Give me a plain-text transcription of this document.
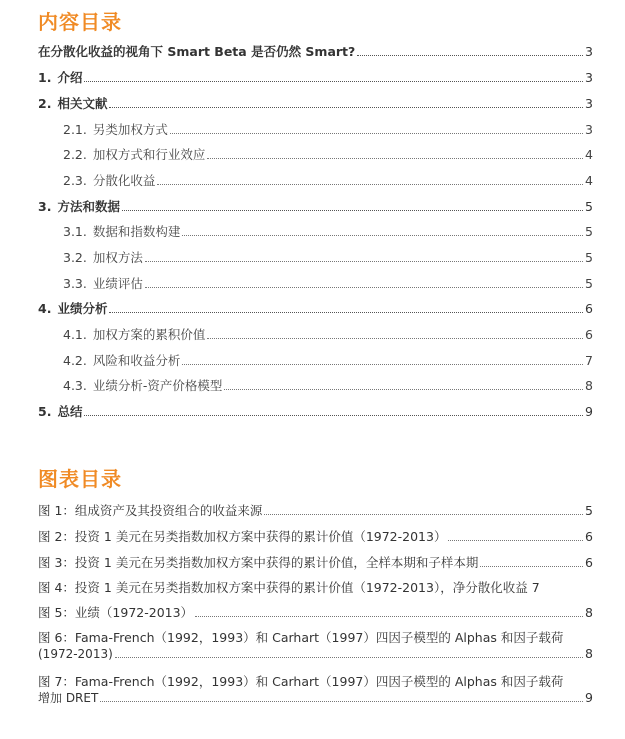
内容目录
在分散化收益的视角下 Smart Beta 是否仍然 Smart?	3
1. 介绍	3
2. 相关文献	3
2.1. 另类加权方式	3
2.2. 加权方式和行业效应	4
2.3. 分散化收益	4
3. 方法和数据	5
3.1. 数据和指数构建	5
3.2. 加权方法	5
3.3. 业绩评估	5
4. 业绩分析	6
4.1. 加权方案的累积价值	6
4.2. 风险和收益分析	7
4.3. 业绩分析-资产价格模型	8
5. 总结	9
图表目录
图 1：组成资产及其投资组合的收益来源	5
图 2：投资 1 美元在另类指数加权方案中获得的累计价值（1972-2013）	6
图 3：投资 1 美元在另类指数加权方案中获得的累计价值，全样本期和子样本期	6
图 4：投资 1 美元在另类指数加权方案中获得的累计价值（1972-2013），净分散化收益 7
图 5：业绩（1972-2013）	8
图 6：Fama-French（1992，1993）和 Carhart（1997）四因子模型的 Alphas 和因子载荷
(1972-2013)	8
图 7：Fama-French（1992，1993）和 Carhart（1997）四因子模型的 Alphas 和因子载荷
增加 DRET	9
